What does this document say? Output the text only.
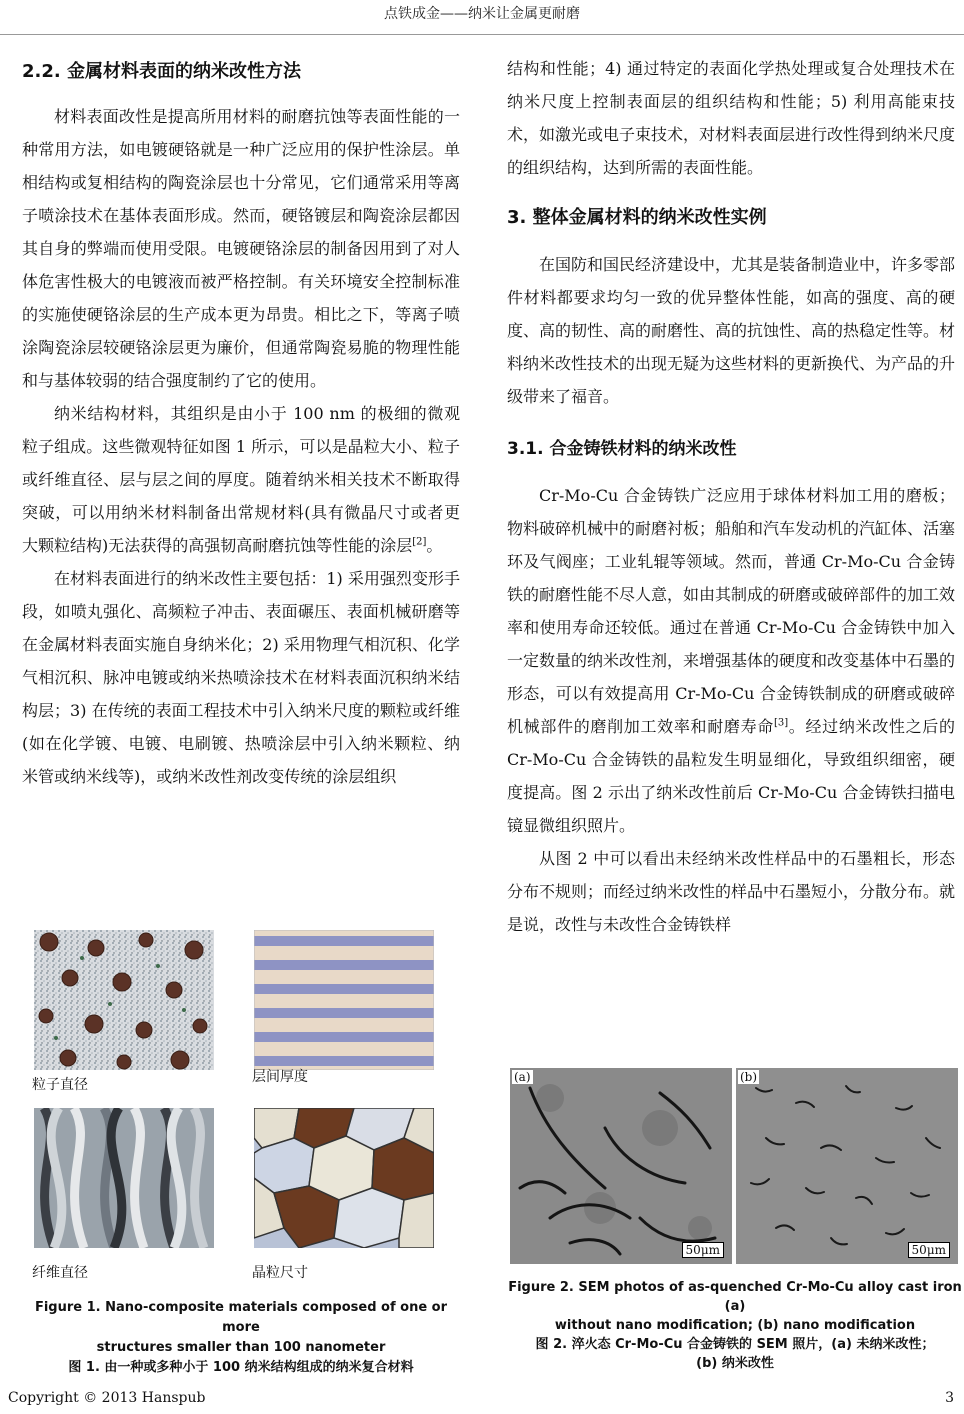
点铁成金——纳米让金属更耐磨
2.2. 金属材料表面的纳米改性方法

材料表面改性是提高所用材料的耐磨抗蚀等表面性能的一种常用方法，如电镀硬铬就是一种广泛应用的保护性涂层。单相结构或复相结构的陶瓷涂层也十分常见，它们通常采用等离子喷涂技术在基体表面形成。然而，硬铬镀层和陶瓷涂层都因其自身的弊端而使用受限。电镀硬铬涂层的制备因用到了对人体危害性极大的电镀液而被严格控制。有关环境安全控制标准的实施使硬铬涂层的生产成本更为昂贵。相比之下，等离子喷涂陶瓷涂层较硬铬涂层更为廉价，但通常陶瓷易脆的物理性能和与基体较弱的结合强度制约了它的使用。

纳米结构材料，其组织是由小于 100 nm 的极细的微观粒子组成。这些微观特征如图 1 所示，可以是晶粒大小、粒子或纤维直径、层与层之间的厚度。随着纳米相关技术不断取得突破，可以用纳米材料制备出常规材料(具有微晶尺寸或者更大颗粒结构)无法获得的高强韧高耐磨抗蚀等性能的涂层[2]。

在材料表面进行的纳米改性主要包括：1) 采用强烈变形手段，如喷丸强化、高频粒子冲击、表面碾压、表面机械研磨等在金属材料表面实施自身纳米化；2) 采用物理气相沉积、化学气相沉积、脉冲电镀或纳米热喷涂技术在材料表面沉积纳米结构层；3) 在传统的表面工程技术中引入纳米尺度的颗粒或纤维(如在化学镀、电镀、电刷镀、热喷涂层中引入纳米颗粒、纳米管或纳米线等)，或纳米改性剂改变传统的涂层组织

粒子直径	层间厚度
纤维直径	晶粒尺寸
Figure 1. Nano-composite materials composed of one or more
structures smaller than 100 nanometer
图 1. 由一种或多种小于 100 纳米结构组成的纳米复合材料

结构和性能；4) 通过特定的表面化学热处理或复合处理技术在纳米尺度上控制表面层的组织结构和性能；5) 利用高能束技术，如激光或电子束技术，对材料表面层进行改性得到纳米尺度的组织结构，达到所需的表面性能。

3. 整体金属材料的纳米改性实例

在国防和国民经济建设中，尤其是装备制造业中，许多零部件材料都要求均匀一致的优异整体性能，如高的强度、高的硬度、高的韧性、高的耐磨性、高的抗蚀性、高的热稳定性等。材料纳米改性技术的出现无疑为这些材料的更新换代、为产品的升级带来了福音。

3.1. 合金铸铁材料的纳米改性

Cr-Mo-Cu 合金铸铁广泛应用于球体材料加工用的磨板；物料破碎机械中的耐磨衬板；船舶和汽车发动机的汽缸体、活塞环及气阀座；工业轧辊等领域。然而，普通 Cr-Mo-Cu 合金铸铁的耐磨性能不尽人意，如由其制成的研磨或破碎部件的加工效率和使用寿命还较低。通过在普通 Cr-Mo-Cu 合金铸铁中加入一定数量的纳米改性剂，来增强基体的硬度和改变基体中石墨的形态，可以有效提高用 Cr-Mo-Cu 合金铸铁制成的研磨或破碎机械部件的磨削加工效率和耐磨寿命[3]。经过纳米改性之后的 Cr-Mo-Cu 合金铸铁的晶粒发生明显细化，导致组织细密，硬度提高。图 2 示出了纳米改性前后 Cr-Mo-Cu 合金铸铁扫描电镜显微组织照片。

从图 2 中可以看出未经纳米改性样品中的石墨粗长，形态分布不规则；而经过纳米改性的样品中石墨短小，分散分布。就是说，改性与未改性合金铸铁样

(a)
50μm
(b)
50μm
Figure 2. SEM photos of as-quenched Cr-Mo-Cu alloy cast iron (a)
without nano modification; (b) nano modification
图 2. 淬火态 Cr-Mo-Cu 合金铸铁的 SEM 照片，(a) 未纳米改性；
(b) 纳米改性
Copyright © 2013 Hanspub	3
